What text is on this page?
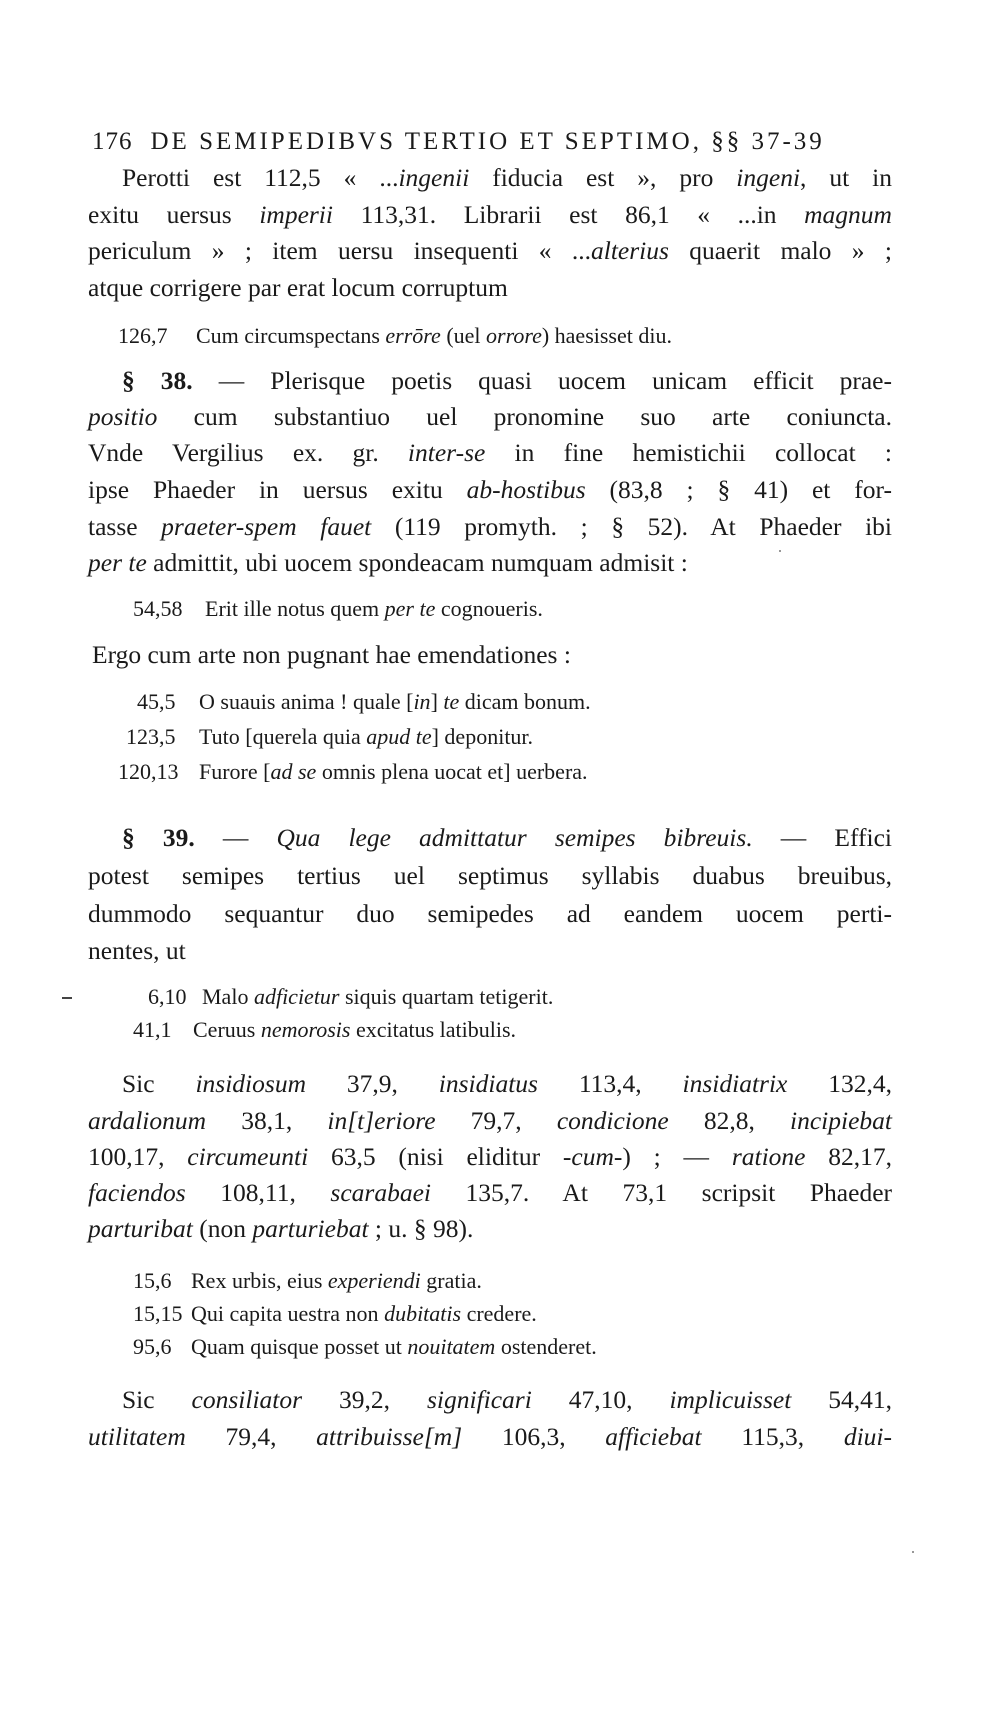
176 DE SEMIPEDIBVS TERTIO ET SEPTIMO, §§ 37-39
Perotti est 112,5 « ...ingenii fiducia est », pro ingeni, ut in
exitu uersus imperii 113,31. Librarii est 86,1 « ...in magnum
periculum » ; item uersu insequenti « ...alterius quaerit malo » ;
atque corrigere par erat locum corruptum
126,7 Cum circumspectans errōre (uel orrore) haesisset diu.
§ 38. — Plerisque poetis quasi uocem unicam efficit prae-
positio cum substantiuo uel pronomine suo arte coniuncta.
Vnde Vergilius ex. gr. inter-se in fine hemistichii collocat :
ipse Phaeder in uersus exitu ab-hostibus (83,8 ; § 41) et for-
tasse praeter-spem fauet (119 promyth. ; § 52). At Phaeder ibi
per te admittit, ubi uocem spondeacam numquam admisit :
54,58 Erit ille notus quem per te cognoueris.
Ergo cum arte non pugnant hae emendationes :
45,5 O suauis anima ! quale [in] te dicam bonum.
123,5 Tuto [querela quia apud te] deponitur.
120,13 Furore [ad se omnis plena uocat et] uerbera.
§ 39. — Qua lege admittatur semipes bibreuis. — Effici
potest semipes tertius uel septimus syllabis duabus breuibus,
dummodo sequantur duo semipedes ad eandem uocem perti-
nentes, ut
6,10 Malo adficietur siquis quartam tetigerit.
41,1 Ceruus nemorosis excitatus latibulis.
Sic insidiosum 37,9, insidiatus 113,4, insidiatrix 132,4,
ardalionum 38,1, in[t]eriore 79,7, condicione 82,8, incipiebat
100,17, circumeunti 63,5 (nisi eliditur -cum-) ; — ratione 82,17,
faciendos 108,11, scarabaei 135,7. At 73,1 scripsit Phaeder
parturibat (non parturiebat ; u. § 98).
15,6 Rex urbis, eius experiendi gratia.
15,15 Qui capita uestra non dubitatis credere.
95,6 Quam quisque posset ut nouitatem ostenderet.
Sic consiliator 39,2, significari 47,10, implicuisset 54,41,
utilitatem 79,4, attribuisse[m] 106,3, afficiebat 115,3, diui-
